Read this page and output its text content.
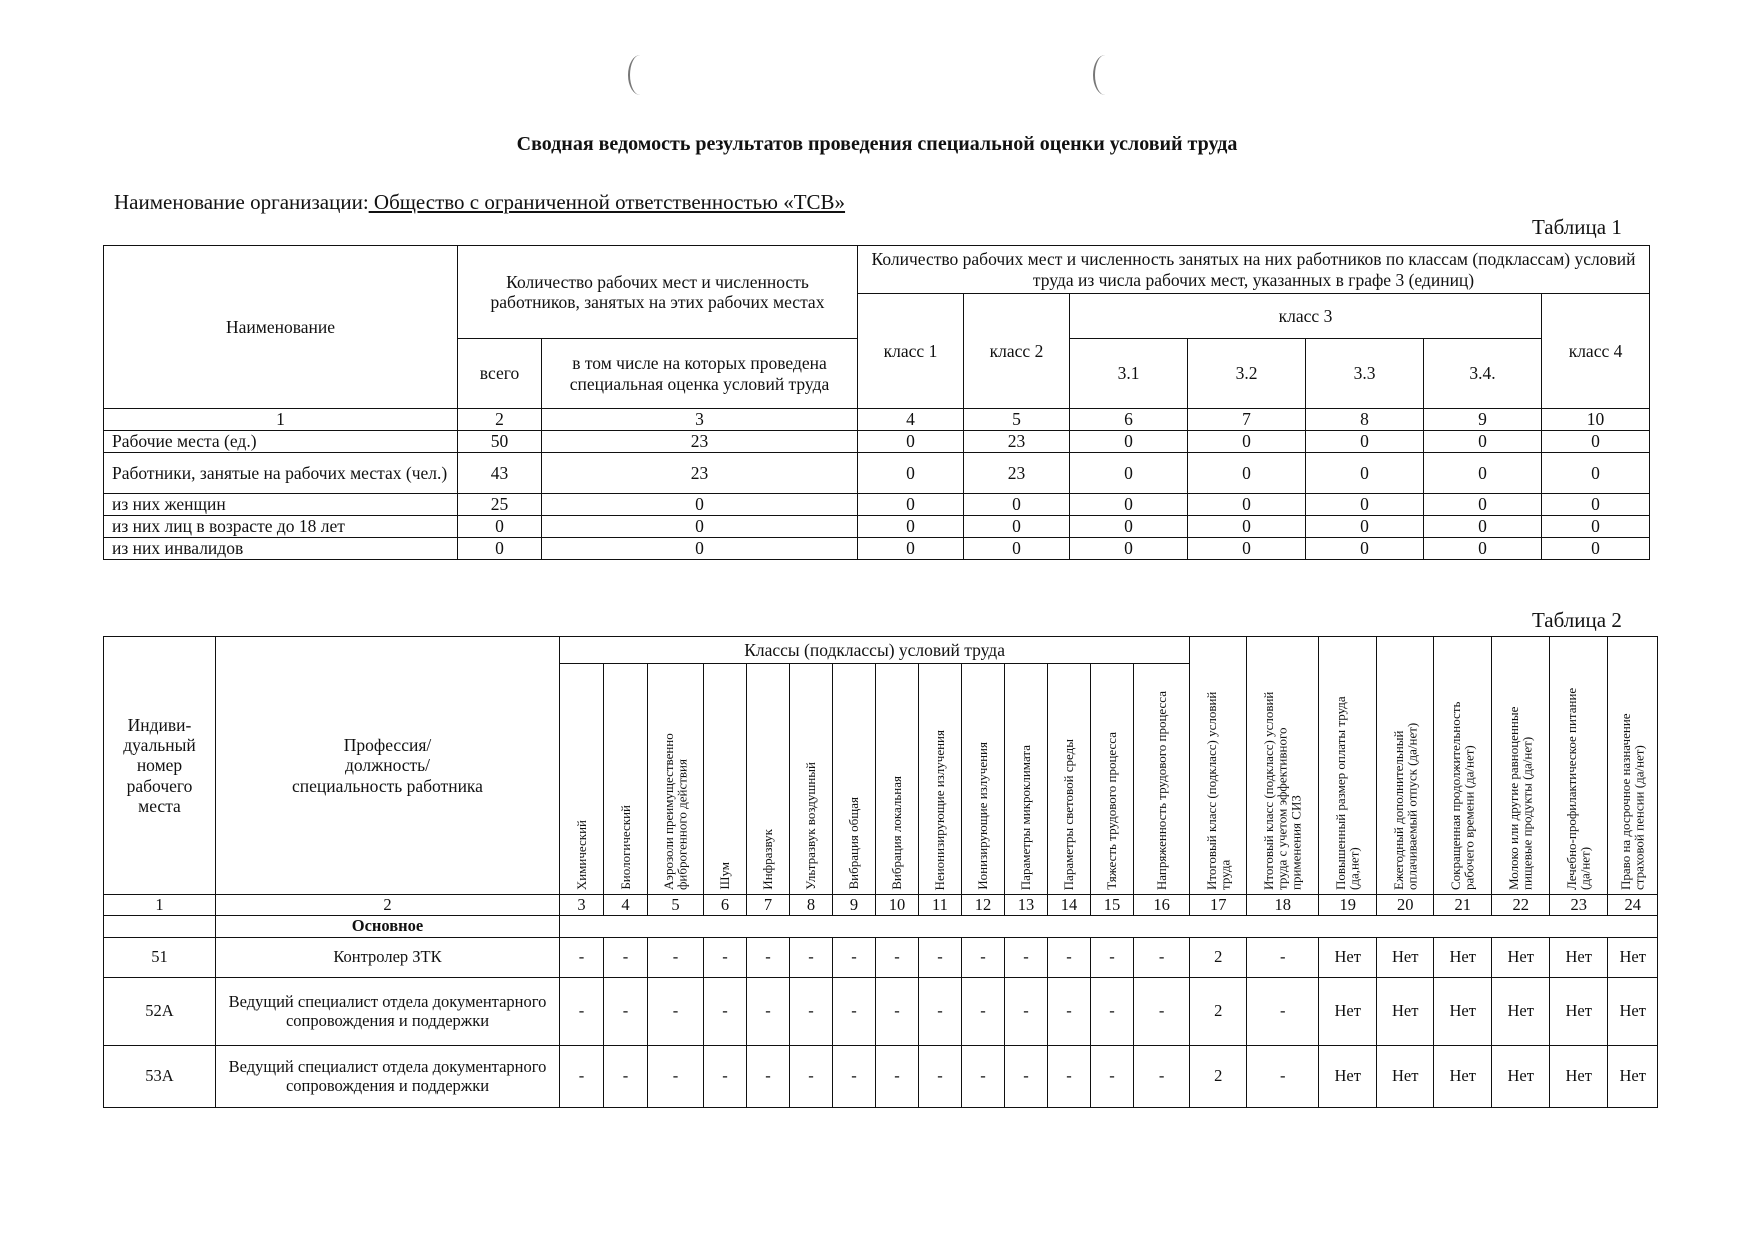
Сводная ведомость результатов проведения специальной оценки условий труда
Наименование организации: Общество с ограниченной ответственностью «ТСВ»
Таблица 1
Наименование	Количество рабочих мест и численность работников, занятых на этих рабочих местах		Количество рабочих мест и численность занятых на них работников по классам (подклассам) условий труда из числа рабочих мест, указанных в графе 3 (единиц)						
			класс 1	класс 2	класс 3				класс 4
	всего	в том числе на которых проведена специальная оценка условий труда			3.1	3.2	3.3	3.4.	
1	2	3	4	5	6	7	8	9	10
Рабочие места (ед.)	50	23	0	23	0	0	0	0	0
Работники, занятые на рабочих местах (чел.)	43	23	0	23	0	0	0	0	0
из них женщин	25	0	0	0	0	0	0	0	0
из них лиц в возрасте до 18 лет	0	0	0	0	0	0	0	0	0
из них инвалидов	0	0	0	0	0	0	0	0	0
Таблица 2
Индиви-
дуальный
номер
рабочего
места	Профессия/
должность/
специальность работника	Классы (подклассы) условий труда														Итоговый класс (подкласс) условий труда	Итоговый класс (подкласс) условий труда с учетом эффективного применения СИЗ	Повышенный размер оплаты труда (да,нет)	Ежегодный дополнительный оплачиваемый отпуск (да/нет)	Сокращенная продолжительность рабочего времени (да/нет)	Молоко или другие равноценные пищевые продукты (да/нет)	Лечебно-профилактическое питание (да/нет)	Право на досрочное назначение страховой пенсии (да/нет)

		Химический	Биологический	Аэрозоли преимущественно фиброгенного действия	Шум	Инфразвук	Ультразвук воздушный	Вибрация общая	Вибрация локальная	Неионизирующие излучения	Ионизирующие излучения	Параметры микроклимата	Параметры световой среды	Тяжесть трудового процесса	Напряженность трудового процесса								

1	2	3	4	5	6	7	8	9	10	11	12	13	14	15	16	17	18	19	20	21	22	23	24
	Основное																						
51	Контролер ЗТК	-	-	-	-	-	-	-	-	-	-	-	-	-	-	2	-	Нет	Нет	Нет	Нет	Нет	Нет
52А	Ведущий специалист отдела документарного сопровождения и поддержки	-	-	-	-	-	-	-	-	-	-	-	-	-	-	2	-	Нет	Нет	Нет	Нет	Нет	Нет
53А	Ведущий специалист отдела документарного сопровождения и поддержки	-	-	-	-	-	-	-	-	-	-	-	-	-	-	2	-	Нет	Нет	Нет	Нет	Нет	Нет
